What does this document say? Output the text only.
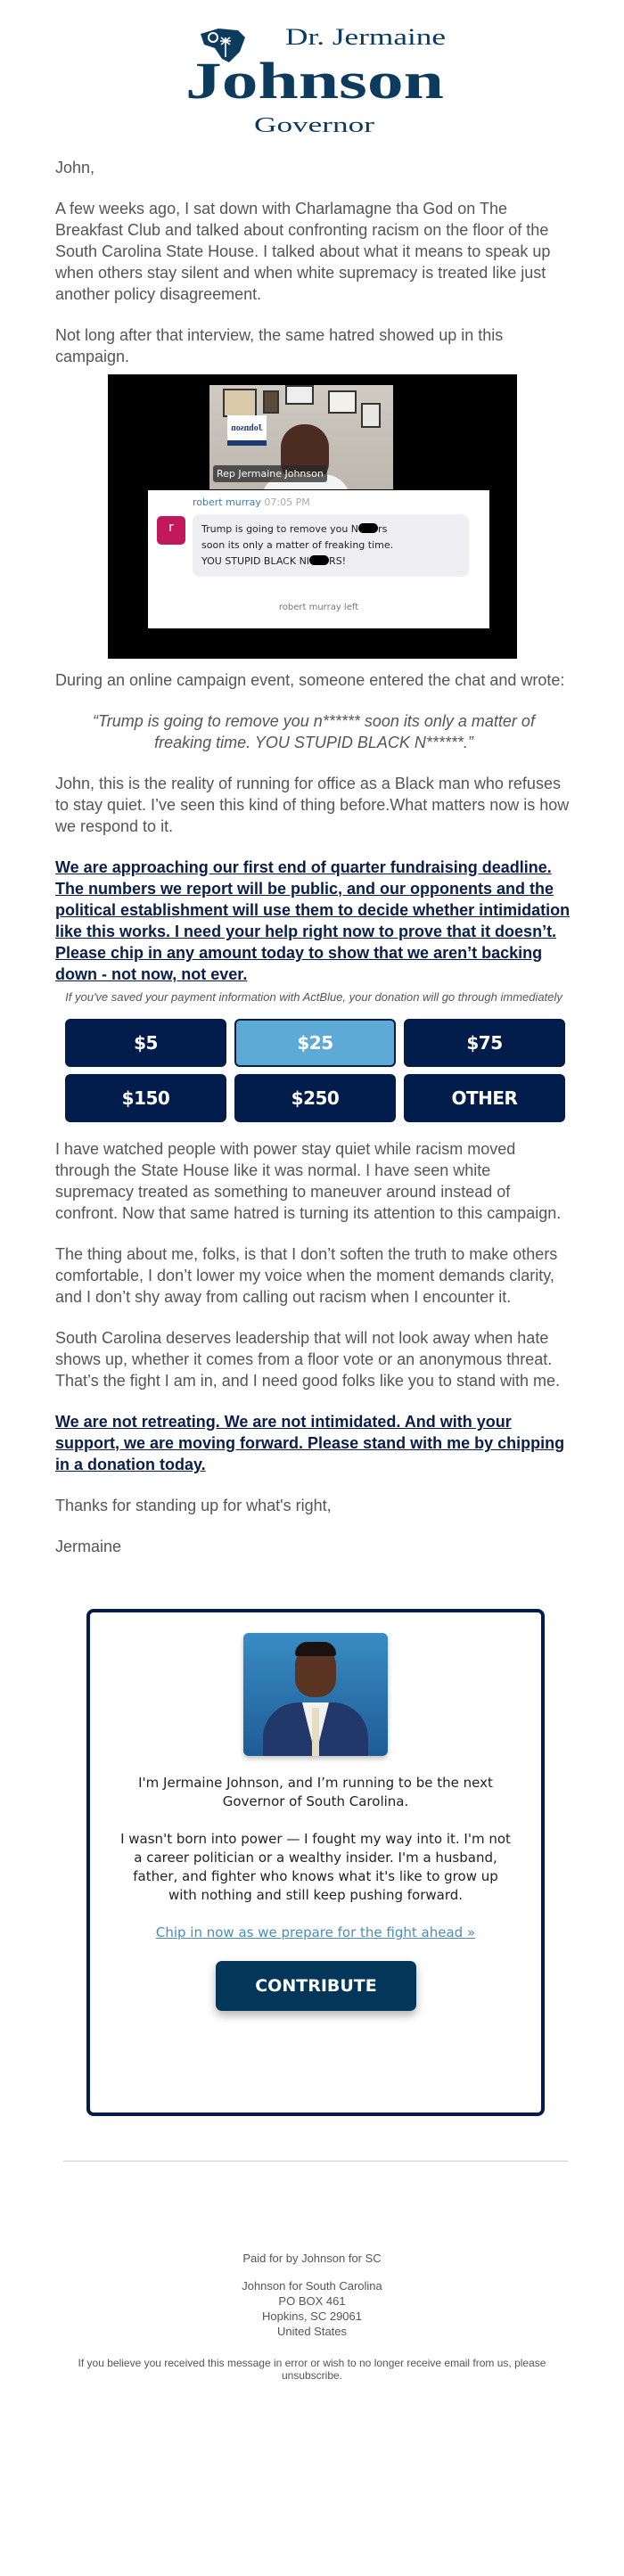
Dr. Jermaine
Johnson
Governor

John,

A few weeks ago, I sat down with Charlamagne tha God on The Breakfast Club and talked about confronting racism on the floor of the South Carolina State House. I talked about what it means to speak up when others stay silent and when white supremacy is treated like just another policy disagreement.

Not long after that interview, the same hatred showed up in this campaign.

Johnson
Rep Jermaine Johnson
robert murray 07:05 PM
r	Trump is going to remove you N rs
soon its only a matter of freaking time.
YOU STUPID BLACK NI RS!
robert murray left

During an online campaign event, someone entered the chat and wrote:

“Trump is going to remove you n****** soon its only a matter of freaking time. YOU STUPID BLACK N******.”

John, this is the reality of running for office as a Black man who refuses to stay quiet. I’ve seen this kind of thing before.What matters now is how we respond to it.

We are approaching our first end of quarter fundraising deadline. The numbers we report will be public, and our opponents and the political establishment will use them to decide whether intimidation like this works. I need your help right now to prove that it doesn’t. Please chip in any amount today to show that we aren’t backing down - not now, not ever.

If you've saved your payment information with ActBlue, your donation will go through immediately
$5	$25	$75
$150	$250	OTHER

I have watched people with power stay quiet while racism moved through the State House like it was normal. I have seen white supremacy treated as something to maneuver around instead of confront. Now that same hatred is turning its attention to this campaign.

The thing about me, folks, is that I don’t soften the truth to make others comfortable, I don’t lower my voice when the moment demands clarity, and I don’t shy away from calling out racism when I encounter it.

South Carolina deserves leadership that will not look away when hate shows up, whether it comes from a floor vote or an anonymous threat. That’s the fight I am in, and I need good folks like you to stand with me.

We are not retreating. We are not intimidated. And with your support, we are moving forward. Please stand with me by chipping in a donation today.

Thanks for standing up for what's right,

Jermaine

I'm Jermaine Johnson, and I’m running to be the next Governor of South Carolina.

I wasn't born into power — I fought my way into it. I'm not a career politician or a wealthy insider. I'm a husband, father, and fighter who knows what it's like to grow up with nothing and still keep pushing forward.

Chip in now as we prepare for the fight ahead »

CONTRIBUTE
Paid for by Johnson for SC
Johnson for South Carolina
PO BOX 461
Hopkins, SC 29061
United States
If you believe you received this message in error or wish to no longer receive email from us, please unsubscribe.
